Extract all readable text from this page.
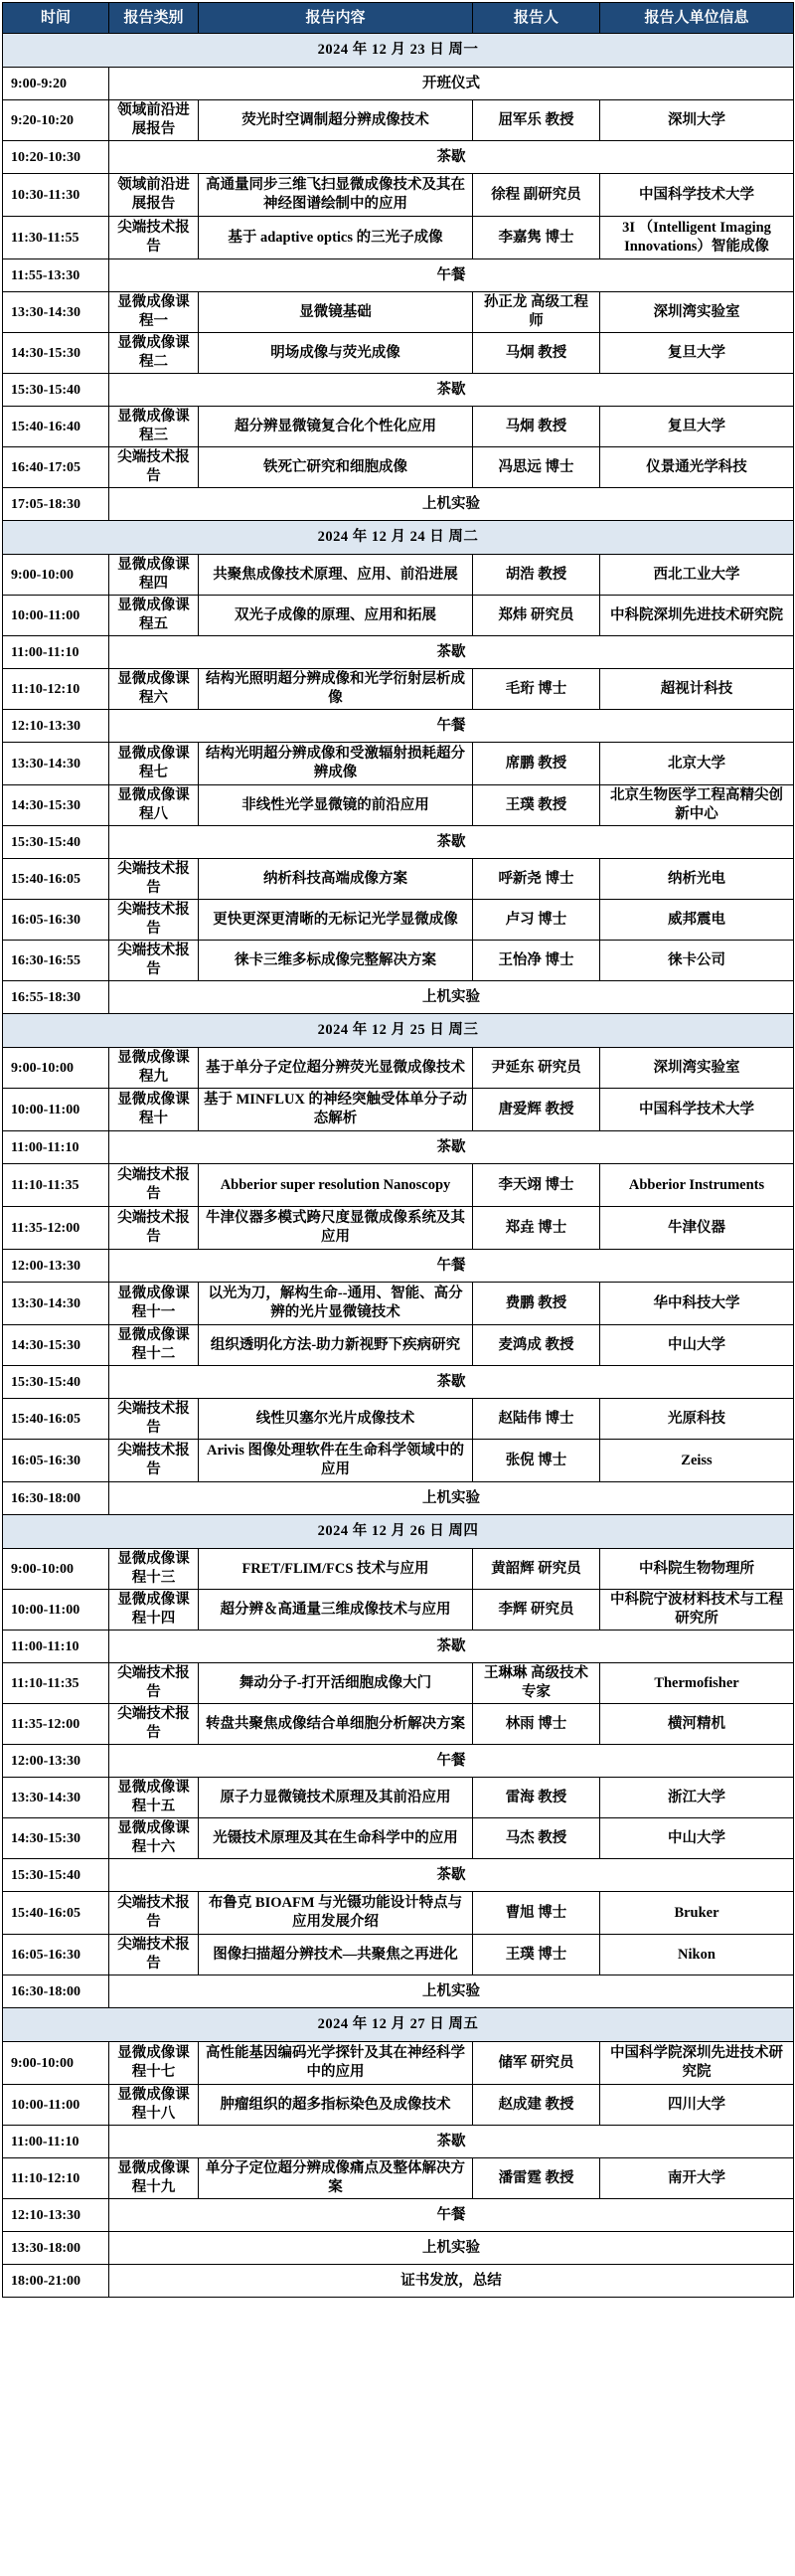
时间	报告类别	报告内容	报告人	报告人单位信息
2024 年 12 月 23 日 周一				
9:00-9:20	开班仪式			
9:20-10:20	领域前沿进展报告	荧光时空调制超分辨成像技术	屈军乐 教授	深圳大学
10:20-10:30	茶歇			
10:30-11:30	领域前沿进展报告	高通量同步三维飞扫显微成像技术及其在神经图谱绘制中的应用	徐程 副研究员	中国科学技术大学
11:30-11:55	尖端技术报告	基于 adaptive optics 的三光子成像	李嘉隽 博士	3I （Intelligent Imaging Innovations）智能成像
11:55-13:30	午餐			
13:30-14:30	显微成像课程一	显微镜基础	孙正龙 高级工程师	深圳湾实验室
14:30-15:30	显微成像课程二	明场成像与荧光成像	马炯 教授	复旦大学
15:30-15:40	茶歇			
15:40-16:40	显微成像课程三	超分辨显微镜复合化个性化应用	马炯 教授	复旦大学
16:40-17:05	尖端技术报告	铁死亡研究和细胞成像	冯思远 博士	仪景通光学科技
17:05-18:30	上机实验			
2024 年 12 月 24 日 周二				
9:00-10:00	显微成像课程四	共聚焦成像技术原理、应用、前沿进展	胡浩 教授	西北工业大学
10:00-11:00	显微成像课程五	双光子成像的原理、应用和拓展	郑炜 研究员	中科院深圳先进技术研究院
11:00-11:10	茶歇			
11:10-12:10	显微成像课程六	结构光照明超分辨成像和光学衍射层析成像	毛珩 博士	超视计科技
12:10-13:30	午餐			
13:30-14:30	显微成像课程七	结构光明超分辨成像和受激辐射损耗超分辨成像	席鹏 教授	北京大学
14:30-15:30	显微成像课程八	非线性光学显微镜的前沿应用	王璞 教授	北京生物医学工程高精尖创新中心
15:30-15:40	茶歇			
15:40-16:05	尖端技术报告	纳析科技高端成像方案	呼新尧 博士	纳析光电
16:05-16:30	尖端技术报告	更快更深更清晰的无标记光学显微成像	卢习 博士	威邦震电
16:30-16:55	尖端技术报告	徕卡三维多标成像完整解决方案	王怡净 博士	徕卡公司
16:55-18:30	上机实验			
2024 年 12 月 25 日 周三				
9:00-10:00	显微成像课程九	基于单分子定位超分辨荧光显微成像技术	尹延东 研究员	深圳湾实验室
10:00-11:00	显微成像课程十	基于 MINFLUX 的神经突触受体单分子动态解析	唐爱辉 教授	中国科学技术大学
11:00-11:10	茶歇			
11:10-11:35	尖端技术报告	Abberior super resolution Nanoscopy	李天翊 博士	Abberior Instruments
11:35-12:00	尖端技术报告	牛津仪器多模式跨尺度显微成像系统及其应用	郑垚 博士	牛津仪器
12:00-13:30	午餐			
13:30-14:30	显微成像课程十一	以光为刀，解构生命--通用、智能、高分辨的光片显微镜技术	费鹏 教授	华中科技大学
14:30-15:30	显微成像课程十二	组织透明化方法-助力新视野下疾病研究	麦鸿成 教授	中山大学
15:30-15:40	茶歇			
15:40-16:05	尖端技术报告	线性贝塞尔光片成像技术	赵陆伟 博士	光原科技
16:05-16:30	尖端技术报告	Arivis 图像处理软件在生命科学领域中的应用	张倪 博士	Zeiss
16:30-18:00	上机实验			
2024 年 12 月 26 日 周四				
9:00-10:00	显微成像课程十三	FRET/FLIM/FCS 技术与应用	黄韶辉 研究员	中科院生物物理所
10:00-11:00	显微成像课程十四	超分辨＆高通量三维成像技术与应用	李辉 研究员	中科院宁波材料技术与工程研究所
11:00-11:10	茶歇			
11:10-11:35	尖端技术报告	舞动分子-打开活细胞成像大门	王琳琳 高级技术专家	Thermofisher
11:35-12:00	尖端技术报告	转盘共聚焦成像结合单细胞分析解决方案	林雨 博士	横河精机
12:00-13:30	午餐			
13:30-14:30	显微成像课程十五	原子力显微镜技术原理及其前沿应用	雷海 教授	浙江大学
14:30-15:30	显微成像课程十六	光镊技术原理及其在生命科学中的应用	马杰 教授	中山大学
15:30-15:40	茶歇			
15:40-16:05	尖端技术报告	布鲁克 BIOAFM 与光镊功能设计特点与应用发展介绍	曹旭 博士	Bruker
16:05-16:30	尖端技术报告	图像扫描超分辨技术—共聚焦之再进化	王璞 博士	Nikon
16:30-18:00	上机实验			
2024 年 12 月 27 日 周五				
9:00-10:00	显微成像课程十七	高性能基因编码光学探针及其在神经科学中的应用	储军 研究员	中国科学院深圳先进技术研究院
10:00-11:00	显微成像课程十八	肿瘤组织的超多指标染色及成像技术	赵成建 教授	四川大学
11:00-11:10	茶歇			
11:10-12:10	显微成像课程十九	单分子定位超分辨成像痛点及整体解决方案	潘雷霆 教授	南开大学
12:10-13:30	午餐			
13:30-18:00	上机实验			
18:00-21:00	证书发放，总结			
